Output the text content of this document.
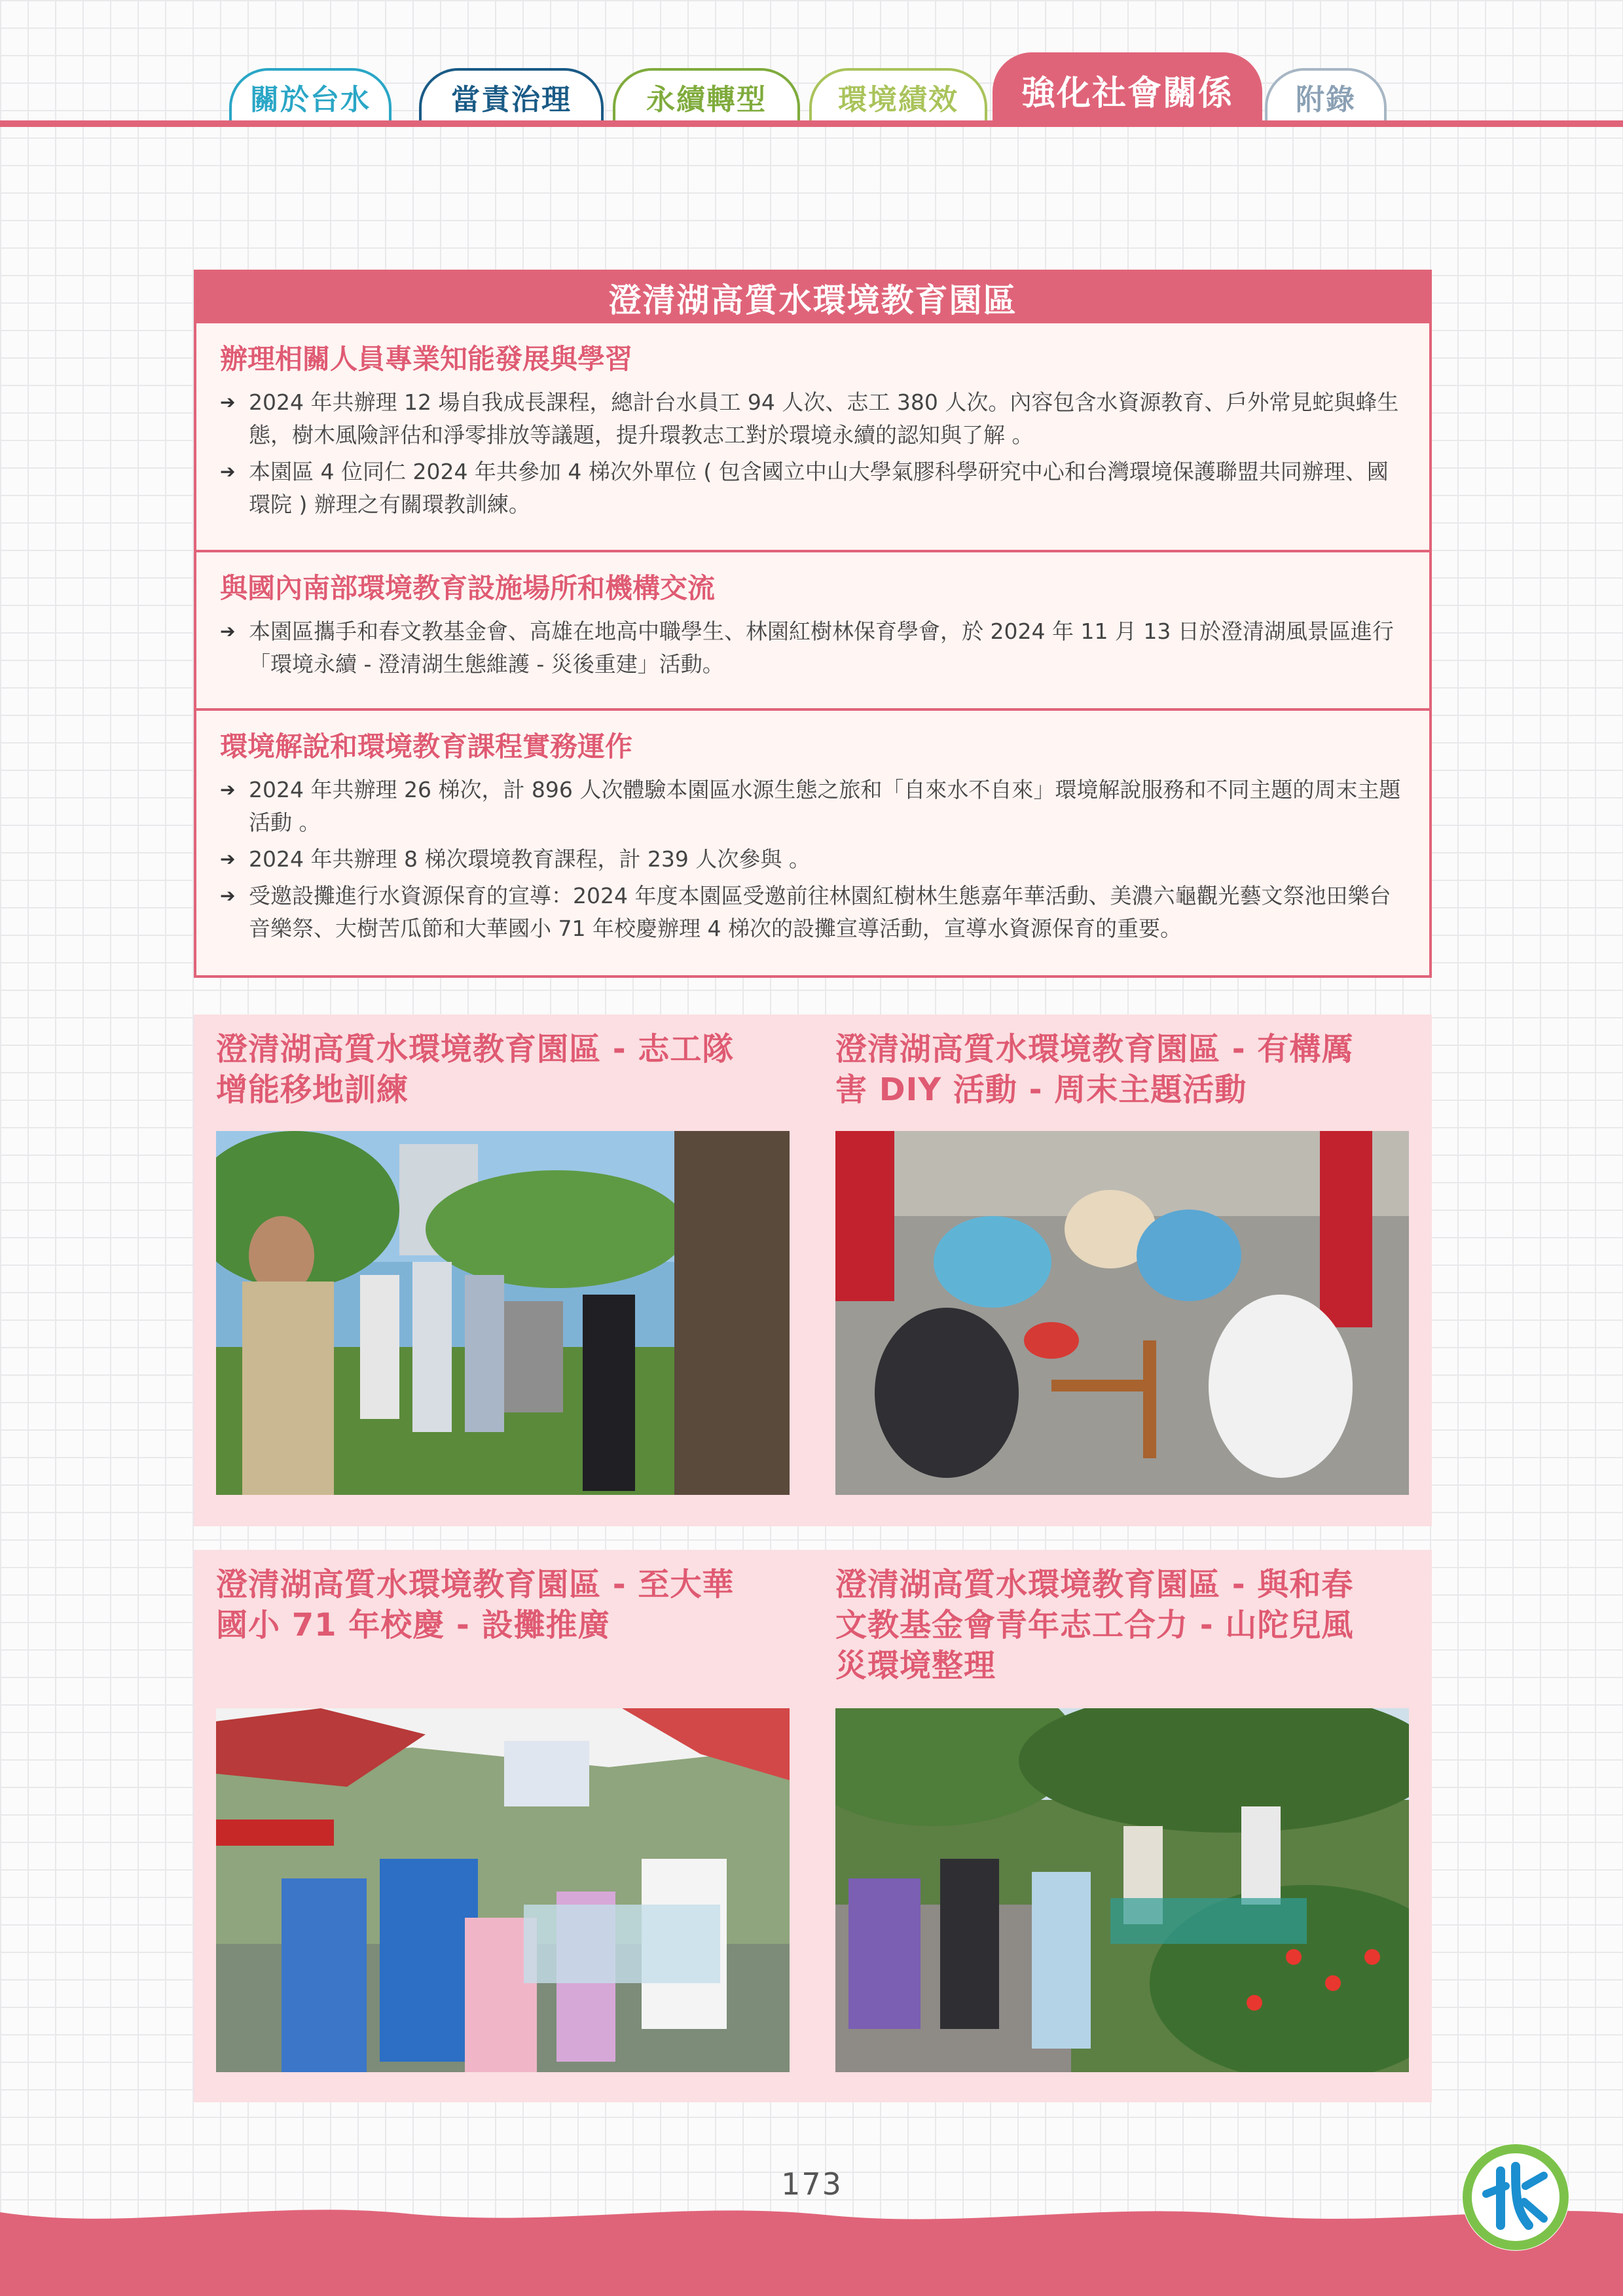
關於台水	當責治理	永續轉型	環境績效	強化社會關係	附錄
澄清湖高質水環境教育園區
辦理相關人員專業知能發展與學習
➔ 2024 年共辦理 12 場自我成長課程，總計台水員工 94 人次、志工 380 人次。內容包含水資源教育、戶外常見蛇與蜂生態，樹木風險評估和淨零排放等議題，提升環教志工對於環境永續的認知與了解 。
➔ 本園區 4 位同仁 2024 年共參加 4 梯次外單位 ( 包含國立中山大學氣膠科學研究中心和台灣環境保護聯盟共同辦理、國環院 ) 辦理之有關環教訓練。
與國內南部環境教育設施場所和機構交流
➔ 本園區攜手和春文教基金會、高雄在地高中職學生、林園紅樹林保育學會，於 2024 年 11 月 13 日於澄清湖風景區進行「環境永續 - 澄清湖生態維護 - 災後重建」活動。
環境解說和環境教育課程實務運作
➔ 2024 年共辦理 26 梯次，計 896 人次體驗本園區水源生態之旅和「自來水不自來」環境解說服務和不同主題的周末主題活動 。
➔ 2024 年共辦理 8 梯次環境教育課程，計 239 人次參與 。
➔ 受邀設攤進行水資源保育的宣導：2024 年度本園區受邀前往林園紅樹林生態嘉年華活動、美濃六龜觀光藝文祭池田樂台音樂祭、大樹苦瓜節和大華國小 71 年校慶辦理 4 梯次的設攤宣導活動，宣導水資源保育的重要。
澄清湖高質水環境教育園區 - 志工隊
增能移地訓練
澄清湖高質水環境教育園區 - 有構厲
害 DIY 活動 - 周末主題活動
澄清湖高質水環境教育園區 - 至大華
國小 71 年校慶 - 設攤推廣
澄清湖高質水環境教育園區 - 與和春
文教基金會青年志工合力 - 山陀兒風
災環境整理
173
